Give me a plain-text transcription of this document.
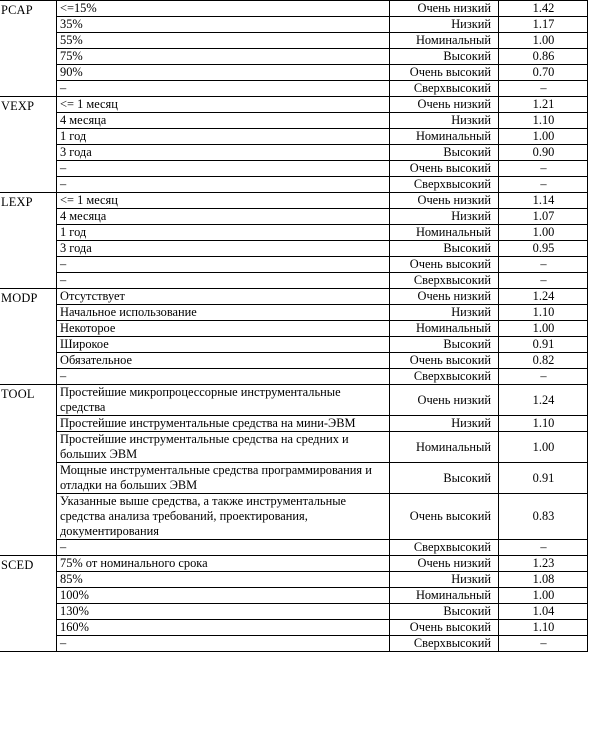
PCAP	<=15%	Очень низкий	1.42
	35%	Низкий	1.17
	55%	Номинальный	1.00
	75%	Высокий	0.86
	90%	Очень высокий	0.70
	–	Сверхвысокий	–
VEXP	<= 1 месяц	Очень низкий	1.21
	4 месяца	Низкий	1.10
	1 год	Номинальный	1.00
	3 года	Высокий	0.90
	–	Очень высокий	–
	–	Сверхвысокий	–
LEXP	<= 1 месяц	Очень низкий	1.14
	4 месяца	Низкий	1.07
	1 год	Номинальный	1.00
	3 года	Высокий	0.95
	–	Очень высокий	–
	–	Сверхвысокий	–
MODP	Отсутствует	Очень низкий	1.24
	Начальное использование	Низкий	1.10
	Некоторое	Номинальный	1.00
	Широкое	Высокий	0.91
	Обязательное	Очень высокий	0.82
	–	Сверхвысокий	–
TOOL	Простейшие микропроцессорные инструментальные средства	Очень низкий	1.24
	Простейшие инструментальные средства на мини-ЭВМ	Низкий	1.10
	Простейшие инструментальные средства на средних и больших ЭВМ	Номинальный	1.00
	Мощные инструментальные средства программирования и отладки на больших ЭВМ	Высокий	0.91
	Указанные выше средства, а также инструментальные средства анализа требований, проектирования, документирования	Очень высокий	0.83
	–	Сверхвысокий	–
SCED	75% от номинального срока	Очень низкий	1.23
	85%	Низкий	1.08
	100%	Номинальный	1.00
	130%	Высокий	1.04
	160%	Очень высокий	1.10
	–	Сверхвысокий	–
